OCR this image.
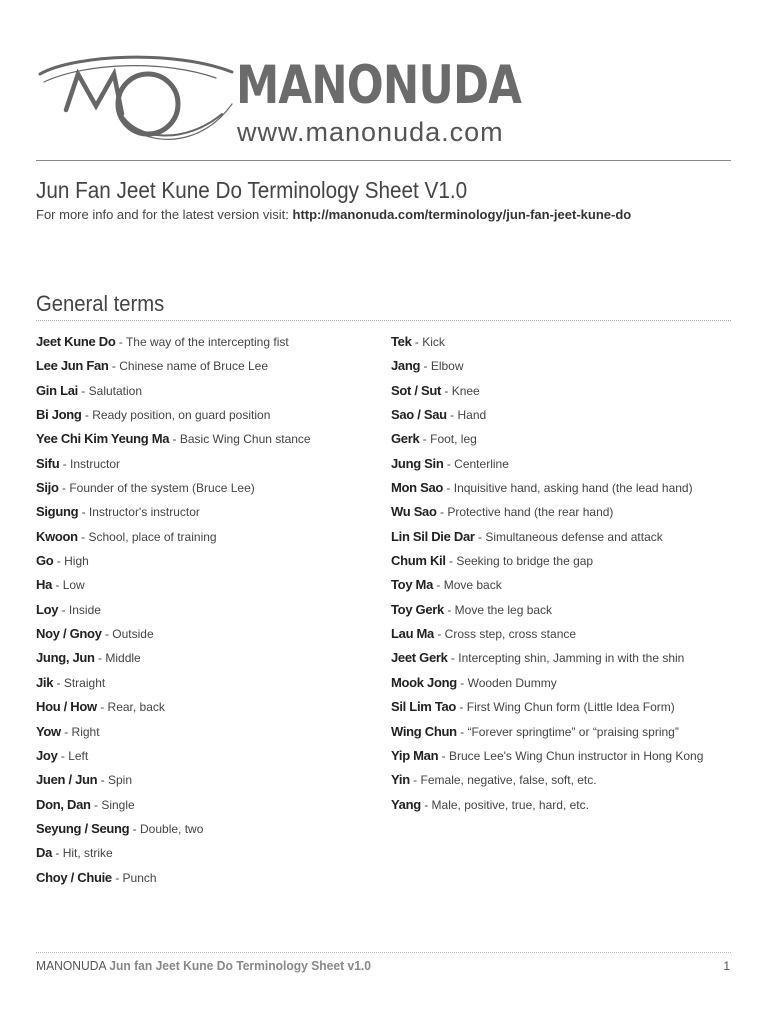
MANONUDA
www.manonuda.com
Jun Fan Jeet Kune Do Terminology Sheet V1.0
For more info and for the latest version visit: http://manonuda.com/terminology/jun-fan-jeet-kune-do
General terms
Jeet Kune Do - The way of the intercepting fist
Lee Jun Fan - Chinese name of Bruce Lee
Gin Lai - Salutation
Bi Jong - Ready position, on guard position
Yee Chi Kim Yeung Ma - Basic Wing Chun stance
Sifu - Instructor
Sijo - Founder of the system (Bruce Lee)
Sigung - Instructor's instructor
Kwoon - School, place of training
Go - High
Ha - Low
Loy - Inside
Noy / Gnoy - Outside
Jung, Jun - Middle
Jik - Straight
Hou / How - Rear, back
Yow - Right
Joy - Left
Juen / Jun - Spin
Don, Dan - Single
Seyung / Seung - Double, two
Da - Hit, strike
Choy / Chuie - Punch
Tek - Kick
Jang - Elbow
Sot / Sut - Knee
Sao / Sau - Hand
Gerk - Foot, leg
Jung Sin - Centerline
Mon Sao - Inquisitive hand, asking hand (the lead hand)
Wu Sao - Protective hand (the rear hand)
Lin Sil Die Dar - Simultaneous defense and attack
Chum Kil - Seeking to bridge the gap
Toy Ma - Move back
Toy Gerk - Move the leg back
Lau Ma - Cross step, cross stance
Jeet Gerk - Intercepting shin, Jamming in with the shin
Mook Jong - Wooden Dummy
Sil Lim Tao - First Wing Chun form (Little Idea Form)
Wing Chun - “Forever springtime” or “praising spring”
Yip Man - Bruce Lee's Wing Chun instructor in Hong Kong
Yin - Female, negative, false, soft, etc.
Yang - Male, positive, true, hard, etc.
MANONUDA Jun fan Jeet Kune Do Terminology Sheet v1.0	1
